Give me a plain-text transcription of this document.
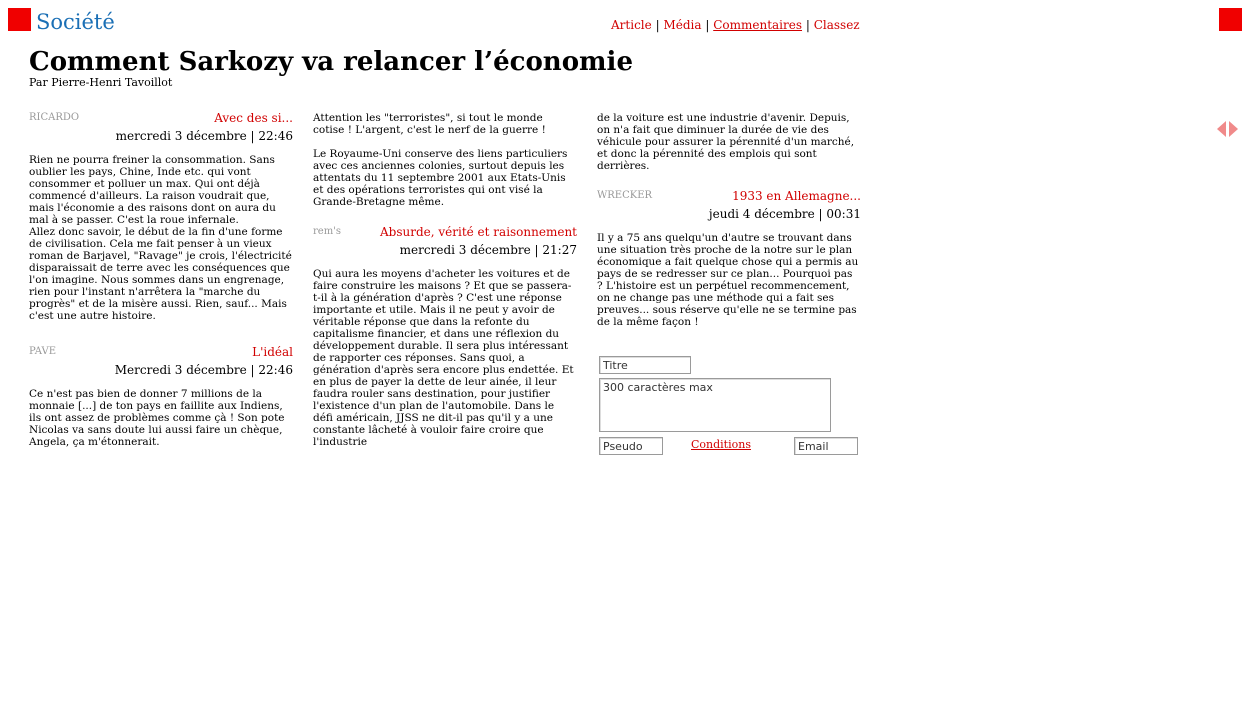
Société	Article | Média | Commentaires | Classez
Comment Sarkozy va relancer l’économie
Par Pierre-Henri Tavoillot
RICARDO	Avec des si...
mercredi 3 décembre | 22:46

Rien ne pourra freiner la consommation. Sans oublier les pays, Chine, Inde etc. qui vont consommer et polluer un max. Qui ont déjà commencé d'ailleurs. La raison voudrait que, mais l'économie a des raisons dont on aura du mal à se passer. C'est la roue infernale.

Allez donc savoir, le début de la fin d'une forme de civilisation. Cela me fait penser à un vieux roman de Barjavel, "Ravage" je crois, l'électricité disparaissait de terre avec les conséquences que l'on imagine. Nous sommes dans un engrenage, rien pour l'instant n'arrêtera la "marche du progrès" et de la misère aussi. Rien, sauf... Mais c'est une autre histoire.

PAVE	L'idéal
Mercredi 3 décembre | 22:46

Ce n'est pas bien de donner 7 millions de la monnaie [...] de ton pays en faillite aux Indiens, ils ont assez de problèmes comme çà ! Son pote Nicolas va sans doute lui aussi faire un chèque, Angela, ça m'étonnerait.

Attention les "terroristes", si tout le monde cotise ! L'argent, c'est le nerf de la guerre !

Le Royaume-Uni conserve des liens particuliers avec ces anciennes colonies, surtout depuis les attentats du 11 septembre 2001 aux Etats-Unis et des opérations terroristes qui ont visé la Grande-Bretagne même.

rem's	Absurde, vérité et raisonnement
mercredi 3 décembre | 21:27

Qui aura les moyens d'acheter les voitures et de faire construire les maisons ? Et que se passera-t-il à la génération d'après ? C'est une réponse importante et utile. Mais il ne peut y avoir de véritable réponse que dans la refonte du capitalisme financier, et dans une réflexion du développement durable. Il sera plus intéressant de rapporter ces réponses. Sans quoi, a génération d'après sera encore plus endettée. Et en plus de payer la dette de leur ainée, il leur faudra rouler sans destination, pour justifier l'existence d'un plan de l'automobile. Dans le défi américain, JJSS ne dit-il pas qu'il y a une constante lâcheté à vouloir faire croire que l'industrie

de la voiture est une industrie d'avenir. Depuis, on n'a fait que diminuer la durée de vie des véhicule pour assurer la pérennité d'un marché, et donc la pérennité des emplois qui sont derrières.

WRECKER	1933 en Allemagne...
jeudi 4 décembre | 00:31

Il y a 75 ans quelqu'un d'autre se trouvant dans une situation très proche de la notre sur le plan économique a fait quelque chose qui a permis au pays de se redresser sur ce plan... Pourquoi pas ? L'histoire est un perpétuel recommencement, on ne change pas une méthode qui a fait ses preuves... sous réserve qu'elle ne se termine pas de la même façon !

Titre
300 caractères max
Pseudo
Conditions
Email
